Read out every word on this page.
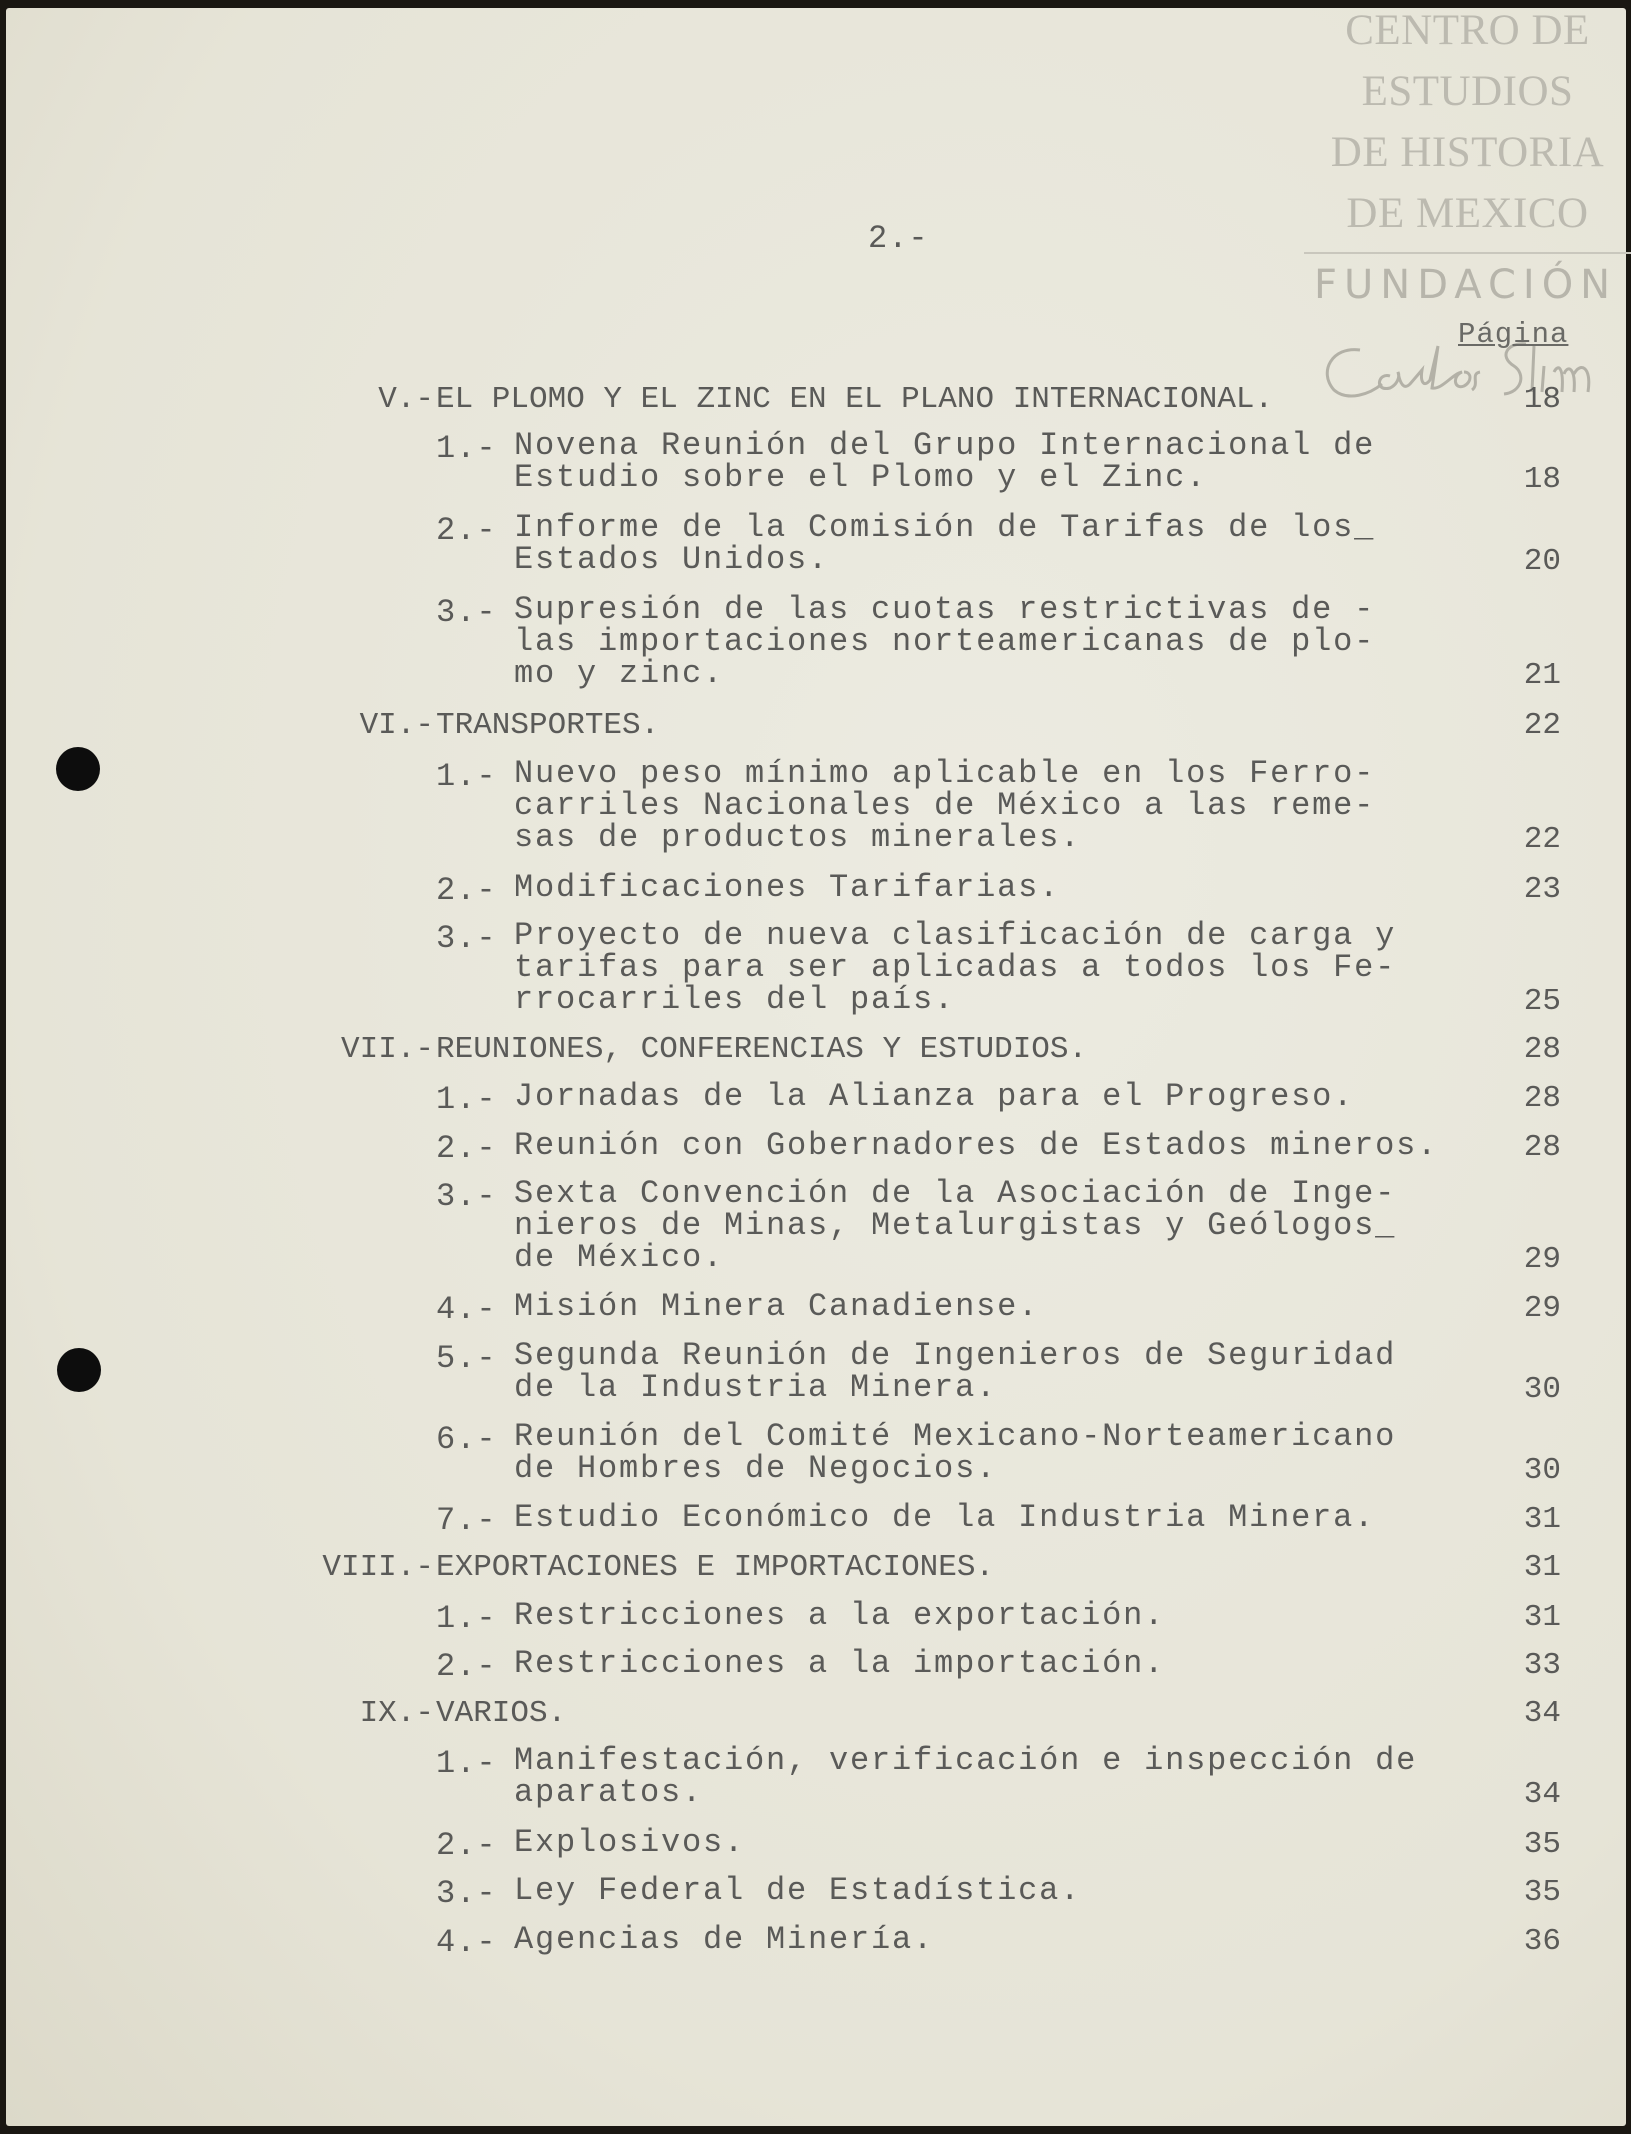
CENTRO DE
ESTUDIOS
DE HISTORIA
DE MEXICO
FUNDACIÓN
2.-
Página
V.- EL PLOMO Y EL ZINC EN EL PLANO INTERNACIONAL.	18
1.- Novena Reunión del Grupo Internacional de
Estudio sobre el Plomo y el Zinc.	18
2.- Informe de la Comisión de Tarifas de los_
Estados Unidos.	20
3.- Supresión de las cuotas restrictivas de -
las importaciones norteamericanas de plo-
mo y zinc.	21
VI.- TRANSPORTES.	22
1.- Nuevo peso mínimo aplicable en los Ferro-
carriles Nacionales de México a las reme-
sas de productos minerales.	22
2.- Modificaciones Tarifarias.	23
3.- Proyecto de nueva clasificación de carga y
tarifas para ser aplicadas a todos los Fe-
rrocarriles del país.	25
VII.- REUNIONES, CONFERENCIAS Y ESTUDIOS.	28
1.- Jornadas de la Alianza para el Progreso.	28
2.- Reunión con Gobernadores de Estados mineros.	28
3.- Sexta Convención de la Asociación de Inge-
nieros de Minas, Metalurgistas y Geólogos_
de México.	29
4.- Misión Minera Canadiense.	29
5.- Segunda Reunión de Ingenieros de Seguridad
de la Industria Minera.	30
6.- Reunión del Comité Mexicano-Norteamericano
de Hombres de Negocios.	30
7.- Estudio Económico de la Industria Minera.	31
VIII.- EXPORTACIONES E IMPORTACIONES.	31
1.- Restricciones a la exportación.	31
2.- Restricciones a la importación.	33
IX.- VARIOS.	34
1.- Manifestación, verificación e inspección de
aparatos.	34
2.- Explosivos.	35
3.- Ley Federal de Estadística.	35
4.- Agencias de Minería.	36
